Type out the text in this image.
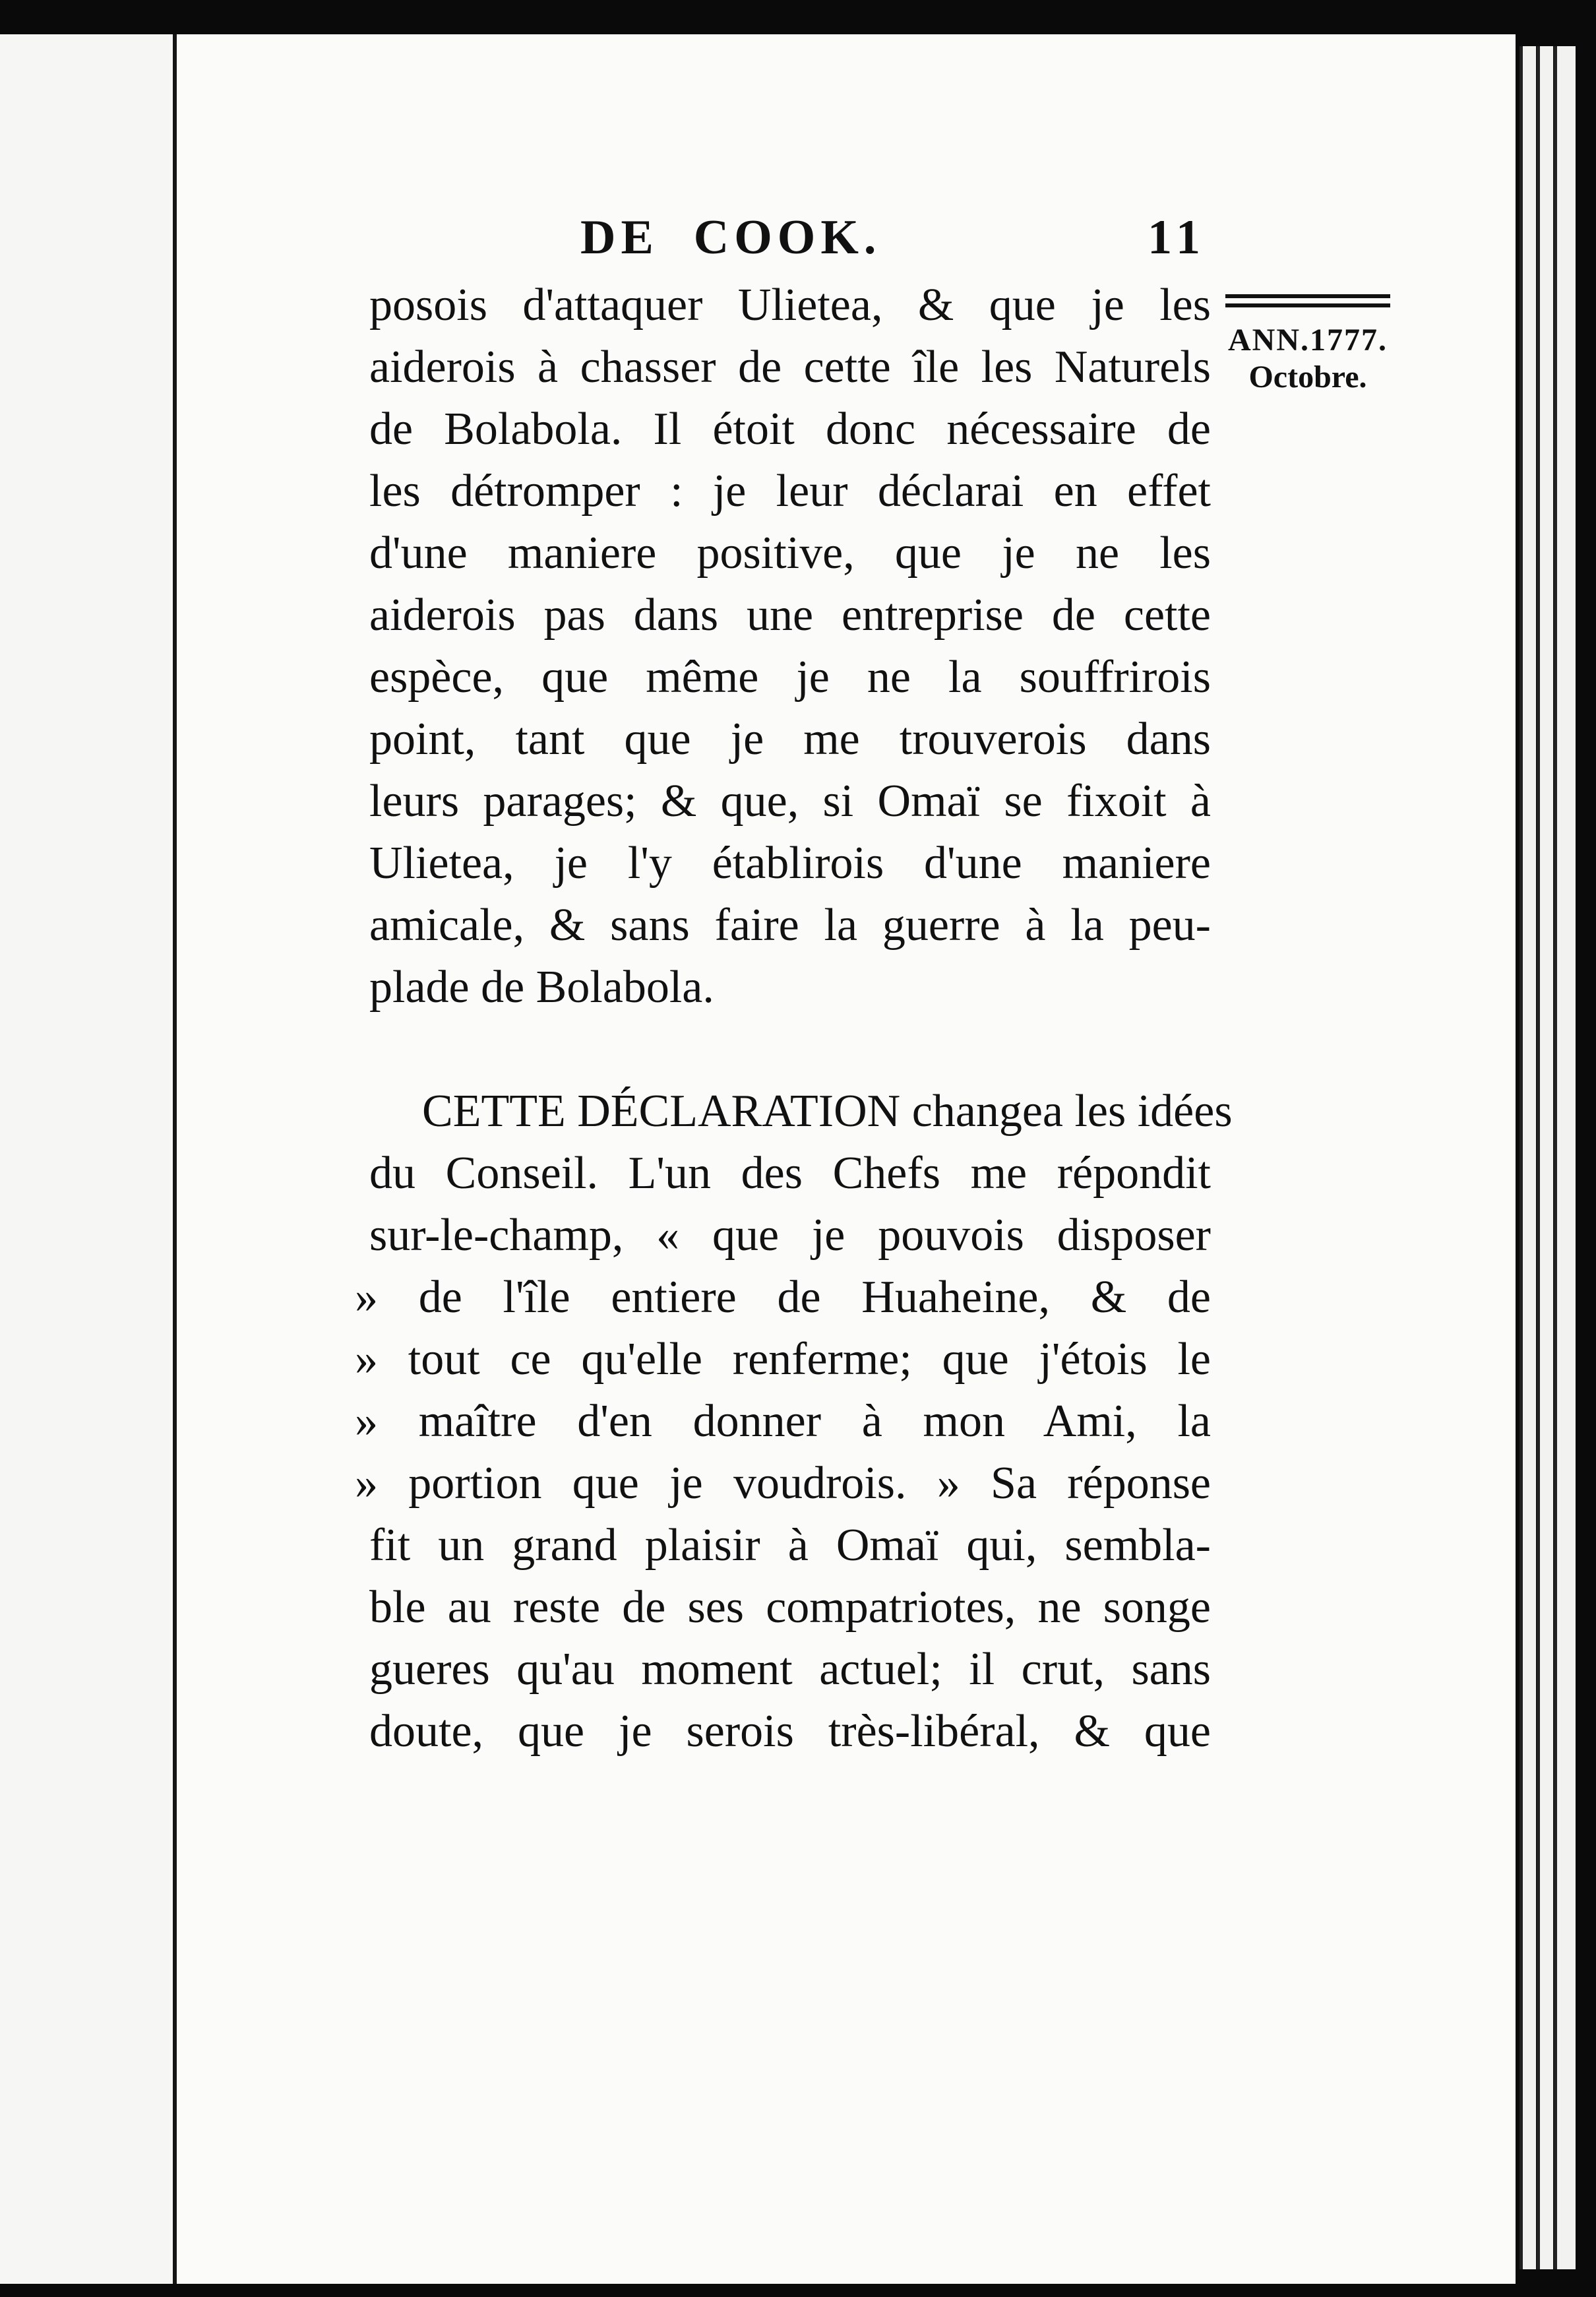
DE  COOK.	11
ANN.1777.
Octobre.
posois d'attaquer Ulietea, & que je les
aiderois à chasser de cette île les Naturels
de Bolabola. Il étoit donc nécessaire de
les détromper : je leur déclarai en effet
d'une maniere positive, que je ne les
aiderois pas dans une entreprise de cette
espèce, que même je ne la souffrirois
point, tant que je me trouverois dans
leurs parages; & que, si Omaï se fixoit à
Ulietea, je l'y établirois d'une maniere
amicale, & sans faire la guerre à la peu-
plade de Bolabola.
CETTE DÉCLARATION changea les idées
du Conseil. L'un des Chefs me répondit
sur-le-champ, « que je pouvois disposer
» de l'île entiere de Huaheine, & de
» tout ce qu'elle renferme; que j'étois le
» maître d'en donner à mon Ami, la
» portion que je voudrois. » Sa réponse
fit un grand plaisir à Omaï qui, sembla-
ble au reste de ses compatriotes, ne songe
gueres qu'au moment actuel; il crut, sans
doute, que je serois très-libéral, & que
